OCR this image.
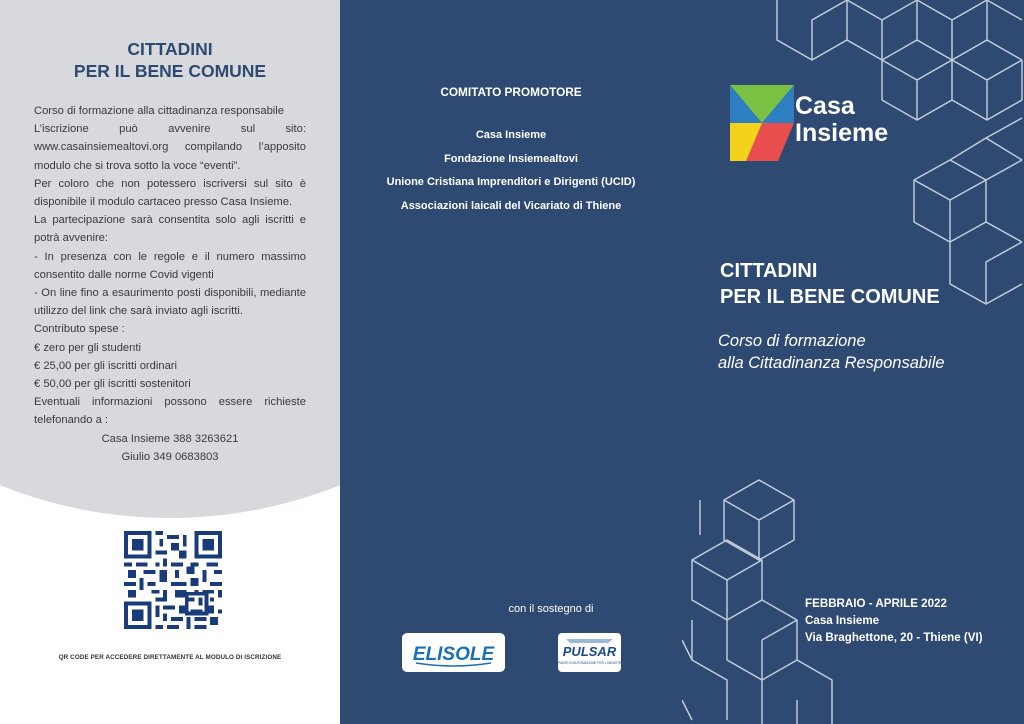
CITTADINI
PER IL BENE COMUNE

Corso di formazione alla cittadinanza responsabile

L’iscrizione può avvenire sul sito: www.casainsiemealtovi.org compilando l’apposito modulo che si trova sotto la voce “eventi”.

Per coloro che non potessero iscriversi sul sito è disponibile il modulo cartaceo presso Casa Insieme.

La partecipazione sarà consentita solo agli iscritti e potrà avvenire:

- In presenza con le regole e il numero massimo consentito dalle norme Covid vigenti

- On line fino a esaurimento posti disponibili, mediante utilizzo del link che sarà inviato agli iscritti.

Contributo spese :

€ zero per gli studenti

€ 25,00 per gli iscritti ordinari

€ 50,00 per gli iscritti sostenitori

Eventuali informazioni possono essere richieste telefonando a :

Casa Insieme 388 3263621

Giulio 349 0683803

QR CODE PER ACCEDERE DIRETTAMENTE AL MODULO DI ISCRIZIONE
COMITATO PROMOTORE
Casa Insieme
Fondazione Insiemealtovi
Unione Cristiana Imprenditori e Dirigenti (UCID)
Associazioni laicali del Vicariato di Thiene
con il sostegno di
ELISOLE	PULSAR
IMPIANTI DI AUTOMAZIONE PER L'INDUSTRIA
Casa
Insieme
CITTADINI
PER IL BENE COMUNE
Corso di formazione
alla Cittadinanza Responsabile
FEBBRAIO - APRILE 2022
Casa Insieme
Via Braghettone, 20 - Thiene (VI)
